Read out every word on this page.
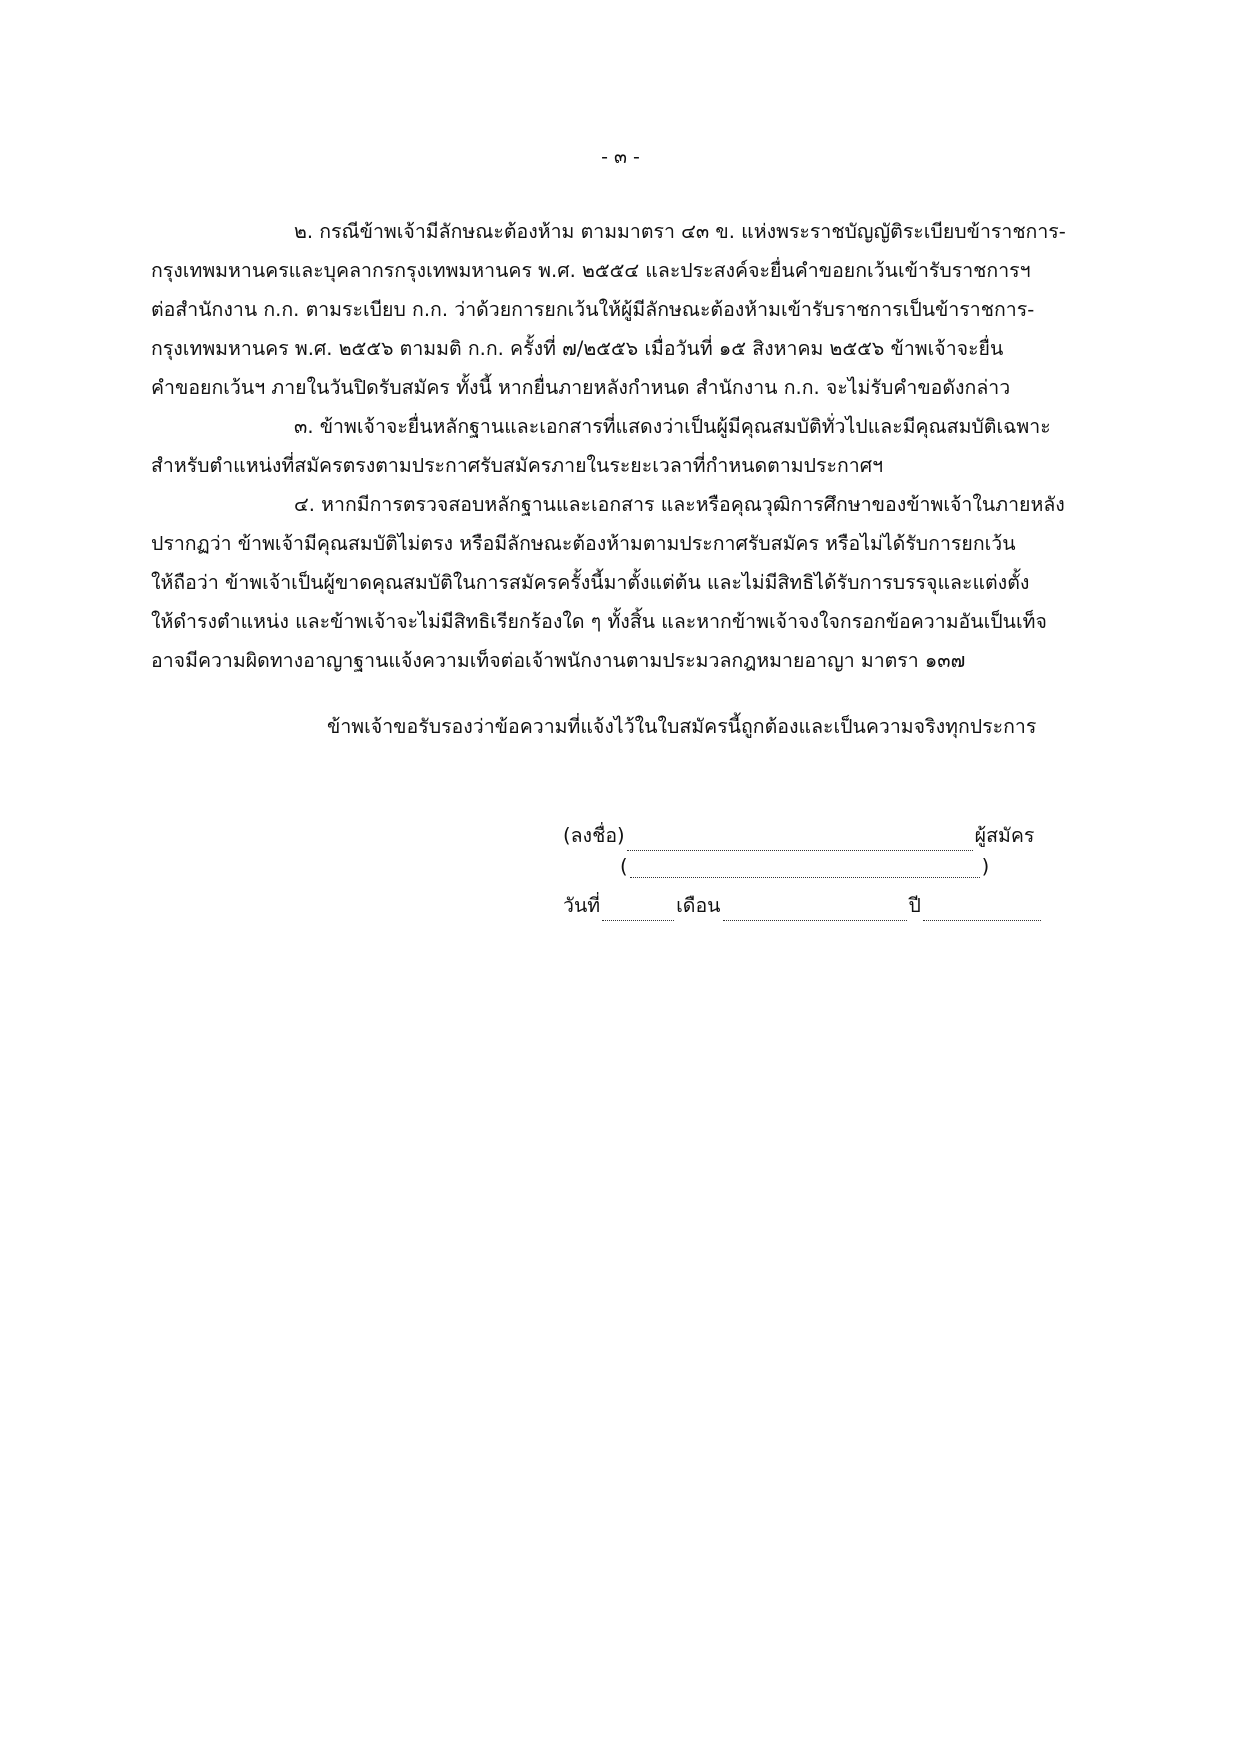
- ๓ -
๒. กรณีข้าพเจ้ามีลักษณะต้องห้าม ตามมาตรา ๔๓ ข. แห่งพระราชบัญญัติระเบียบข้าราชการ-
กรุงเทพมหานครและบุคลากรกรุงเทพมหานคร พ.ศ. ๒๕๕๔ และประสงค์จะยื่นคำขอยกเว้นเข้ารับราชการฯ
ต่อสำนักงาน ก.ก. ตามระเบียบ ก.ก. ว่าด้วยการยกเว้นให้ผู้มีลักษณะต้องห้ามเข้ารับราชการเป็นข้าราชการ-
กรุงเทพมหานคร พ.ศ. ๒๕๕๖ ตามมติ ก.ก. ครั้งที่ ๗/๒๕๕๖ เมื่อวันที่ ๑๕ สิงหาคม ๒๕๕๖ ข้าพเจ้าจะยื่น
คำขอยกเว้นฯ ภายในวันปิดรับสมัคร ทั้งนี้ หากยื่นภายหลังกำหนด สำนักงาน ก.ก. จะไม่รับคำขอดังกล่าว
๓. ข้าพเจ้าจะยื่นหลักฐานและเอกสารที่แสดงว่าเป็นผู้มีคุณสมบัติทั่วไปและมีคุณสมบัติเฉพาะ
สำหรับตำแหน่งที่สมัครตรงตามประกาศรับสมัครภายในระยะเวลาที่กำหนดตามประกาศฯ
๔. หากมีการตรวจสอบหลักฐานและเอกสาร และหรือคุณวุฒิการศึกษาของข้าพเจ้าในภายหลัง
ปรากฏว่า ข้าพเจ้ามีคุณสมบัติไม่ตรง หรือมีลักษณะต้องห้ามตามประกาศรับสมัคร หรือไม่ได้รับการยกเว้น
ให้ถือว่า ข้าพเจ้าเป็นผู้ขาดคุณสมบัติในการสมัครครั้งนี้มาตั้งแต่ต้น และไม่มีสิทธิได้รับการบรรจุและแต่งตั้ง
ให้ดำรงตำแหน่ง และข้าพเจ้าจะไม่มีสิทธิเรียกร้องใด ๆ ทั้งสิ้น และหากข้าพเจ้าจงใจกรอกข้อความอันเป็นเท็จ
อาจมีความผิดทางอาญาฐานแจ้งความเท็จต่อเจ้าพนักงานตามประมวลกฎหมายอาญา มาตรา ๑๓๗
ข้าพเจ้าขอรับรองว่าข้อความที่แจ้งไว้ในใบสมัครนี้ถูกต้องและเป็นความจริงทุกประการ
(ลงชื่อ)	ผู้สมัคร
(	)
วันที่	เดือน	ปี
